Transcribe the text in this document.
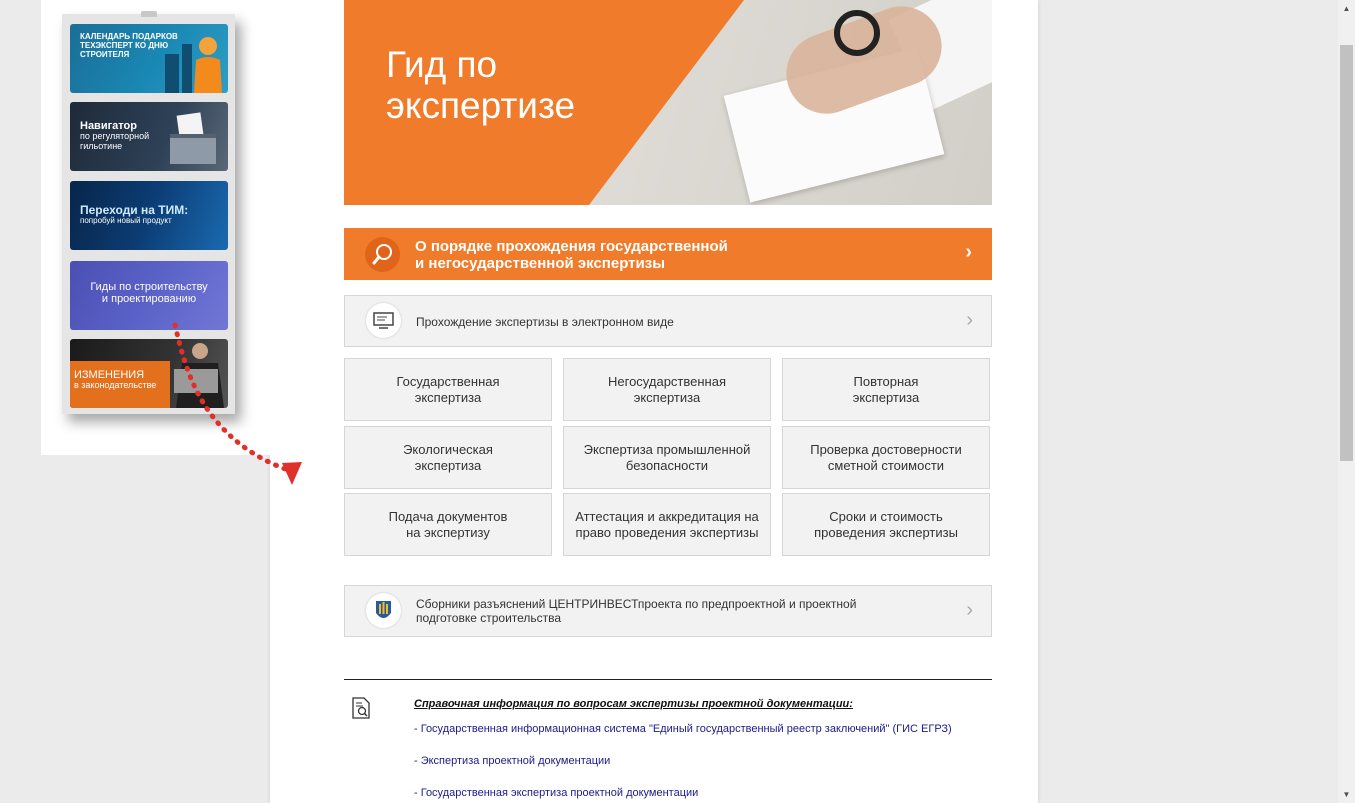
▲
▼
КАЛЕНДАРЬ ПОДАРКОВ
ТЕХЭКСПЕРТ КО ДНЮ
СТРОИТЕЛЯ
Навигатор
по регуляторной
гильотине
Переходи на ТИМ:
попробуй новый продукт
Гиды по строительству
и проектированию
ИЗМЕНЕНИЯ
в законодательстве
Гид по
экспертизе
О порядке прохождения государственной
и негосударственной экспертизы
›
Прохождение экспертизы в электронном виде	›
Государственная
экспертиза
Негосударственная
экспертиза
Повторная
экспертиза
Экологическая
экспертиза
Экспертиза промышленной
безопасности
Проверка достоверности
сметной стоимости
Подача документов
на экспертизу
Аттестация и аккредитация на
право проведения экспертизы
Сроки и стоимость
проведения экспертизы
Сборники разъяснений ЦЕНТРИНВЕСТпроекта по предпроектной и проектной
подготовке строительства	›
Справочная информация по вопросам экспертизы проектной документации:
- Государственная информационная система "Единый государственный реестр заключений" (ГИС ЕГРЗ)
- Экспертиза проектной документации
- Государственная экспертиза проектной документации
